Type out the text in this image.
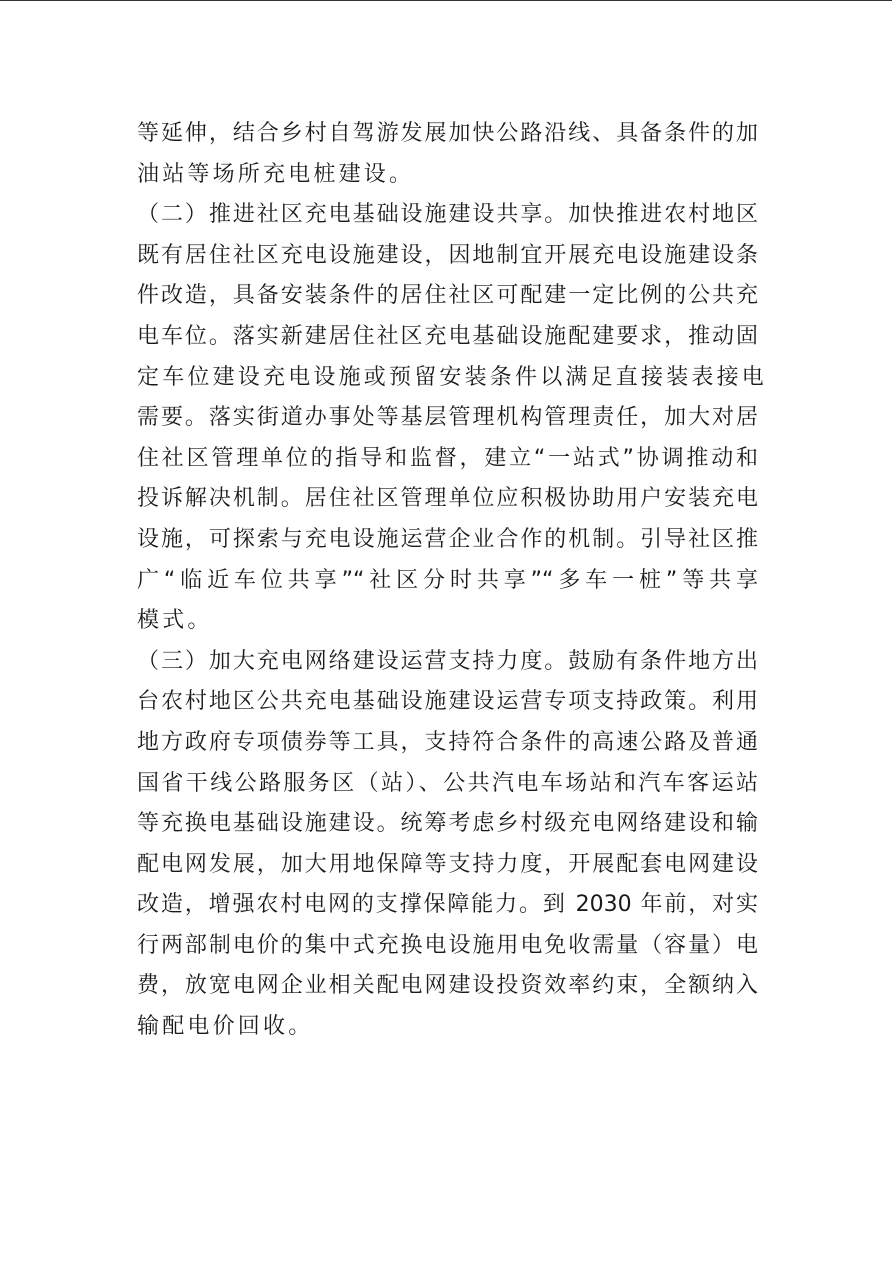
等延伸，结合乡村自驾游发展加快公路沿线、具备条件的加
油站等场所充电桩建设。
（二）推进社区充电基础设施建设共享。加快推进农村地区
既有居住社区充电设施建设，因地制宜开展充电设施建设条
件改造，具备安装条件的居住社区可配建一定比例的公共充
电车位。落实新建居住社区充电基础设施配建要求，推动固
定车位建设充电设施或预留安装条件以满足直接装表接电
需要。落实街道办事处等基层管理机构管理责任，加大对居
住社区管理单位的指导和监督，建立“一站式”协调推动和
投诉解决机制。居住社区管理单位应积极协助用户安装充电
设施，可探索与充电设施运营企业合作的机制。引导社区推
广“临近车位共享”“社区分时共享”“多车一桩”等共享
模式。
（三）加大充电网络建设运营支持力度。鼓励有条件地方出
台农村地区公共充电基础设施建设运营专项支持政策。利用
地方政府专项债券等工具，支持符合条件的高速公路及普通
国省干线公路服务区（站）、公共汽电车场站和汽车客运站
等充换电基础设施建设。统筹考虑乡村级充电网络建设和输
配电网发展，加大用地保障等支持力度，开展配套电网建设
改造，增强农村电网的支撑保障能力。到 2030 年前，对实
行两部制电价的集中式充换电设施用电免收需量（容量）电
费，放宽电网企业相关配电网建设投资效率约束，全额纳入
输配电价回收。
